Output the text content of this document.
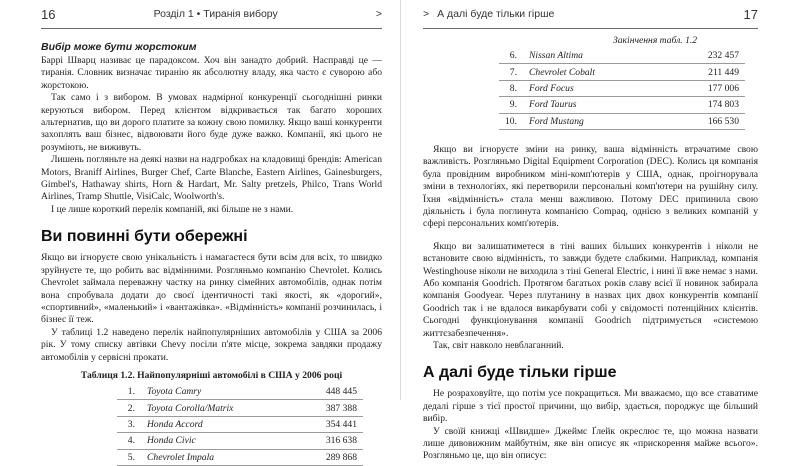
16	Розділ 1 • Тиранія вибору	>
Вибір може бути жорстоким

Баррі Шварц називає це парадоксом. Хоч він занадто добрий. Насправді це — тиранія. Словник визначає тиранію як абсолютну владу, яка часто є суворою або жорстокою.

Так само і з вибором. В умовах надмірної конкуренції сьогоднішні ринки керуються вибором. Перед клієнтом відкривається так багато хороших альтернатив, що ви дорого платите за кожну свою помилку. Якщо ваші конкуренти захоплять ваш бізнес, відвоювати його буде дуже важко. Компанії, які цього не розуміють, не виживуть.

Лишень погляньте на деякі назви на надгробках на кладовищі брендів: American Motors, Braniff Airlines, Burger Chef, Carte Blanche, Eastern Airlines, Gainesburgers, Gimbel's, Hathaway shirts, Horn & Hardart, Mr. Salty pretzels, Philco, Trans World Airlines, Tramp Shuttle, VisiCalc, Woolworth's.

І це лише короткий перелік компаній, які більше не з нами.

Ви повинні бути обережні

Якщо ви ігноруєте свою унікальність і намагаєтеся бути всім для всіх, то швидко зруйнуєте те, що робить вас відмінними. Розгляньмо компанію Chevrolet. Колись Chevrolet займала переважну частку на ринку сімейних автомобілів, однак потім вона спробувала додати до своєї ідентичності такі якості, як «дорогий», «спортивний», «маленький» і «вантажівка». «Відмінність» компанії розчинилась, і бізнес її теж.

У таблиці 1.2 наведено перелік найпопулярніших автомобілів у США за 2006 рік. У тому списку автівки Chevy посіли п'яте місце, зокрема завдяки продажу автомобілів у сервісні прокати.

Таблиця 1.2. Найпопулярніші автомобілі в США у 2006 році
1.	Toyota Camry	448 445
2.	Toyota Corolla/Matrix	387 388
3.	Honda Accord	354 441
4.	Honda Civic	316 638
5.	Chevrolet Impala	289 868
> А далі буде тільки гірше	17
Закінчення табл. 1.2
6.	Nissan Altima	232 457
7.	Chevrolet Cobalt	211 449
8.	Ford Focus	177 006
9.	Ford Taurus	174 803
10.	Ford Mustang	166 530

Якщо ви ігноруєте зміни на ринку, ваша відмінність втрачатиме свою важливість. Розгляньмо Digital Equipment Corporation (DEC). Колись ця компанія була провідним виробником міні-комп'ютерів у США, однак, проігнорувала зміни в технологіях, які перетворили персональні комп'ютери на рушійну силу. Їхня «відмінність» стала менш важливою. Потому DEC припинила свою діяльність і була поглинута компанією Compaq, однією з великих компаній у сфері персональних комп'ютерів.

Якщо ви залишатиметеся в тіні ваших більших конкурентів і ніколи не встановите свою відмінність, то завжди будете слабкими. Наприклад, компанія Westinghouse ніколи не виходила з тіні General Electric, і нині її вже немає з нами. Або компанія Goodrich. Протягом багатьох років славу всієї її новинок забирала компанія Goodyear. Через плутанину в назвах цих двох конкурентів компанії Goodrich так і не вдалося викарбувати собі у свідомості потенційних клієнтів. Сьогодні функціонування компанії Goodrich підтримується «системою життєзабезпечення».

Так, світ навколо невблаганний.

А далі буде тільки гірше

Не розраховуйте, що потім усе покращиться. Ми вважаємо, що все ставатиме дедалі гірше з тієї простої причини, що вибір, здається, породжує ще більший вибір.

У своїй книжці «Швидше» Джеймс Ґлейк окреслює те, що можна назвати лише дивовижним майбутнім, яке він описує як «прискорення майже всього». Розгляньмо це, що він описує:
